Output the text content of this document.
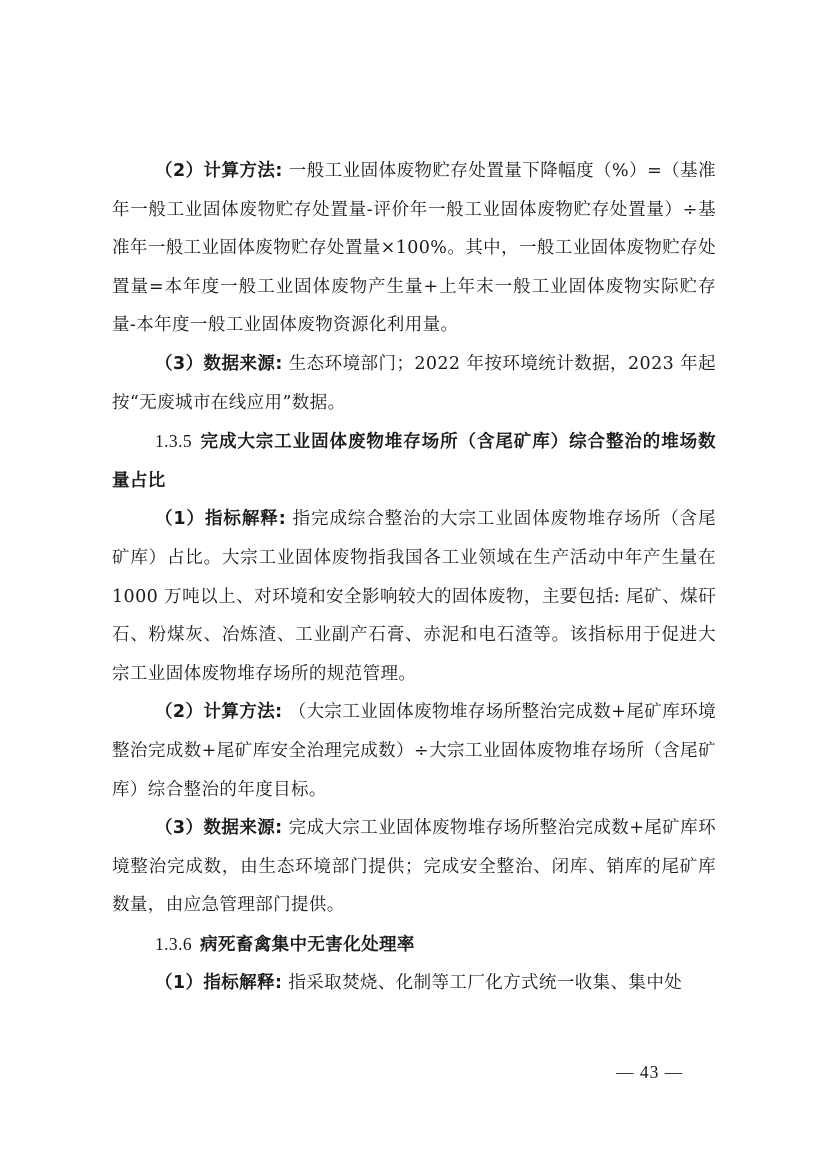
（2）计算方法: 一般工业固体废物贮存处置量下降幅度（%）=（基准年一般工业固体废物贮存处置量-评价年一般工业固体废物贮存处置量）÷基准年一般工业固体废物贮存处置量×100%。其中，一般工业固体废物贮存处置量=本年度一般工业固体废物产生量+上年末一般工业固体废物实际贮存量-本年度一般工业固体废物资源化利用量。

（3）数据来源: 生态环境部门；2022 年按环境统计数据，2023 年起按“无废城市在线应用”数据。

1.3.5 完成大宗工业固体废物堆存场所（含尾矿库）综合整治的堆场数量占比

（1）指标解释: 指完成综合整治的大宗工业固体废物堆存场所（含尾矿库）占比。大宗工业固体废物指我国各工业领域在生产活动中年产生量在 1000 万吨以上、对环境和安全影响较大的固体废物，主要包括: 尾矿、煤矸石、粉煤灰、冶炼渣、工业副产石膏、赤泥和电石渣等。该指标用于促进大宗工业固体废物堆存场所的规范管理。

（2）计算方法: （大宗工业固体废物堆存场所整治完成数+尾矿库环境整治完成数+尾矿库安全治理完成数）÷大宗工业固体废物堆存场所（含尾矿库）综合整治的年度目标。

（3）数据来源: 完成大宗工业固体废物堆存场所整治完成数+尾矿库环境整治完成数，由生态环境部门提供；完成安全整治、闭库、销库的尾矿库数量，由应急管理部门提供。

1.3.6 病死畜禽集中无害化处理率

（1）指标解释: 指采取焚烧、化制等工厂化方式统一收集、集中处

— 43 —
